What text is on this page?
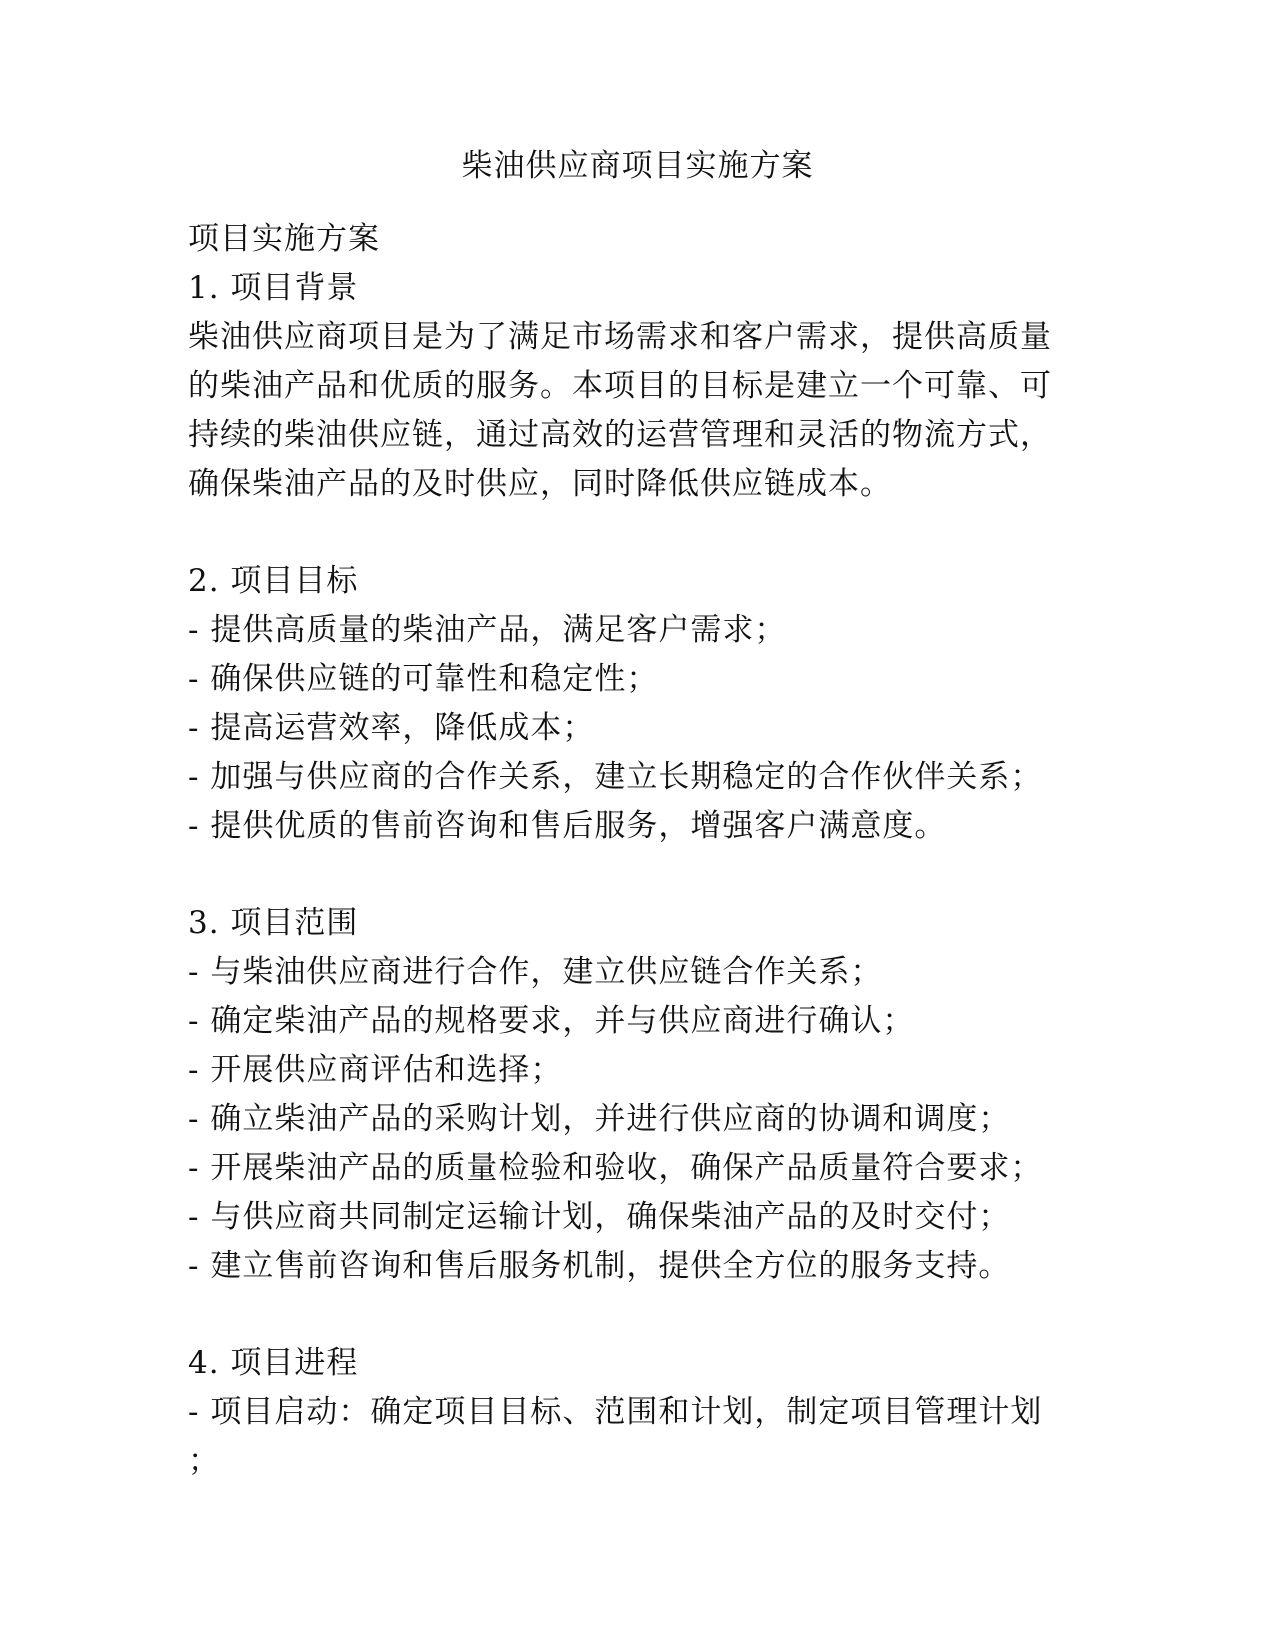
柴油供应商项目实施方案
项目实施方案
1. 项目背景
柴油供应商项目是为了满足市场需求和客户需求，提供高质量
的柴油产品和优质的服务。本项目的目标是建立一个可靠、可
持续的柴油供应链，通过高效的运营管理和灵活的物流方式，
确保柴油产品的及时供应，同时降低供应链成本。
2. 项目目标
- 提供高质量的柴油产品，满足客户需求；
- 确保供应链的可靠性和稳定性；
- 提高运营效率，降低成本；
- 加强与供应商的合作关系，建立长期稳定的合作伙伴关系；
- 提供优质的售前咨询和售后服务，增强客户满意度。
3. 项目范围
- 与柴油供应商进行合作，建立供应链合作关系；
- 确定柴油产品的规格要求，并与供应商进行确认；
- 开展供应商评估和选择；
- 确立柴油产品的采购计划，并进行供应商的协调和调度；
- 开展柴油产品的质量检验和验收，确保产品质量符合要求；
- 与供应商共同制定运输计划，确保柴油产品的及时交付；
- 建立售前咨询和售后服务机制，提供全方位的服务支持。
4. 项目进程
- 项目启动：确定项目目标、范围和计划，制定项目管理计划
；
